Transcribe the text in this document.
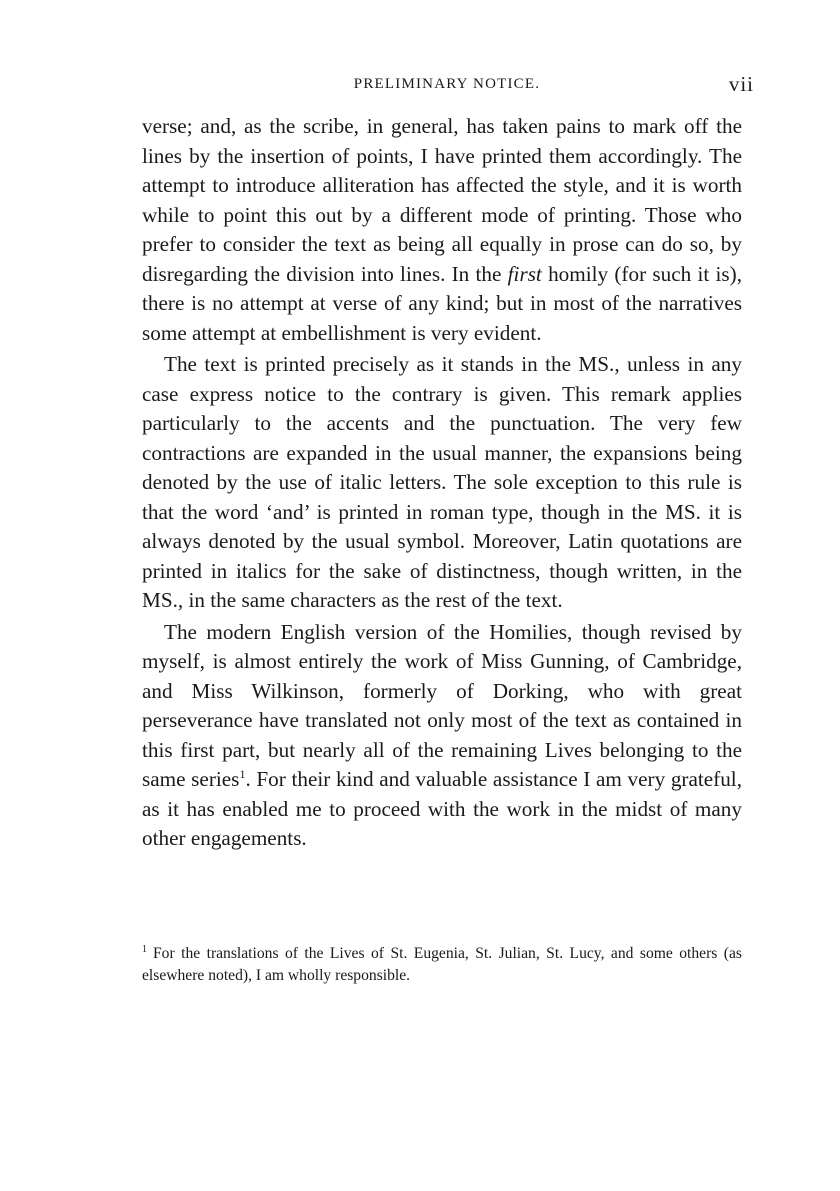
PRELIMINARY NOTICE.	vii

verse; and, as the scribe, in general, has taken pains to mark off the lines by the insertion of points, I have printed them accordingly. The attempt to introduce alliteration has affected the style, and it is worth while to point this out by a different mode of printing. Those who prefer to consider the text as being all equally in prose can do so, by disregarding the division into lines. In the first homily (for such it is), there is no attempt at verse of any kind; but in most of the narratives some attempt at embellishment is very evident.

The text is printed precisely as it stands in the MS., unless in any case express notice to the contrary is given. This remark applies particularly to the accents and the punctuation. The very few contractions are expanded in the usual manner, the expansions being denoted by the use of italic letters. The sole exception to this rule is that the word ‘and’ is printed in roman type, though in the MS. it is always denoted by the usual symbol. Moreover, Latin quotations are printed in italics for the sake of distinctness, though written, in the MS., in the same characters as the rest of the text.

The modern English version of the Homilies, though revised by myself, is almost entirely the work of Miss Gunning, of Cambridge, and Miss Wilkinson, formerly of Dorking, who with great perseverance have translated not only most of the text as contained in this first part, but nearly all of the remaining Lives belonging to the same series$^1$. For their kind and valuable assistance I am very grateful, as it has enabled me to proceed with the work in the midst of many other engagements.

$^1$ For the translations of the Lives of St. Eugenia, St. Julian, St. Lucy, and some others (as elsewhere noted), I am wholly responsible.
